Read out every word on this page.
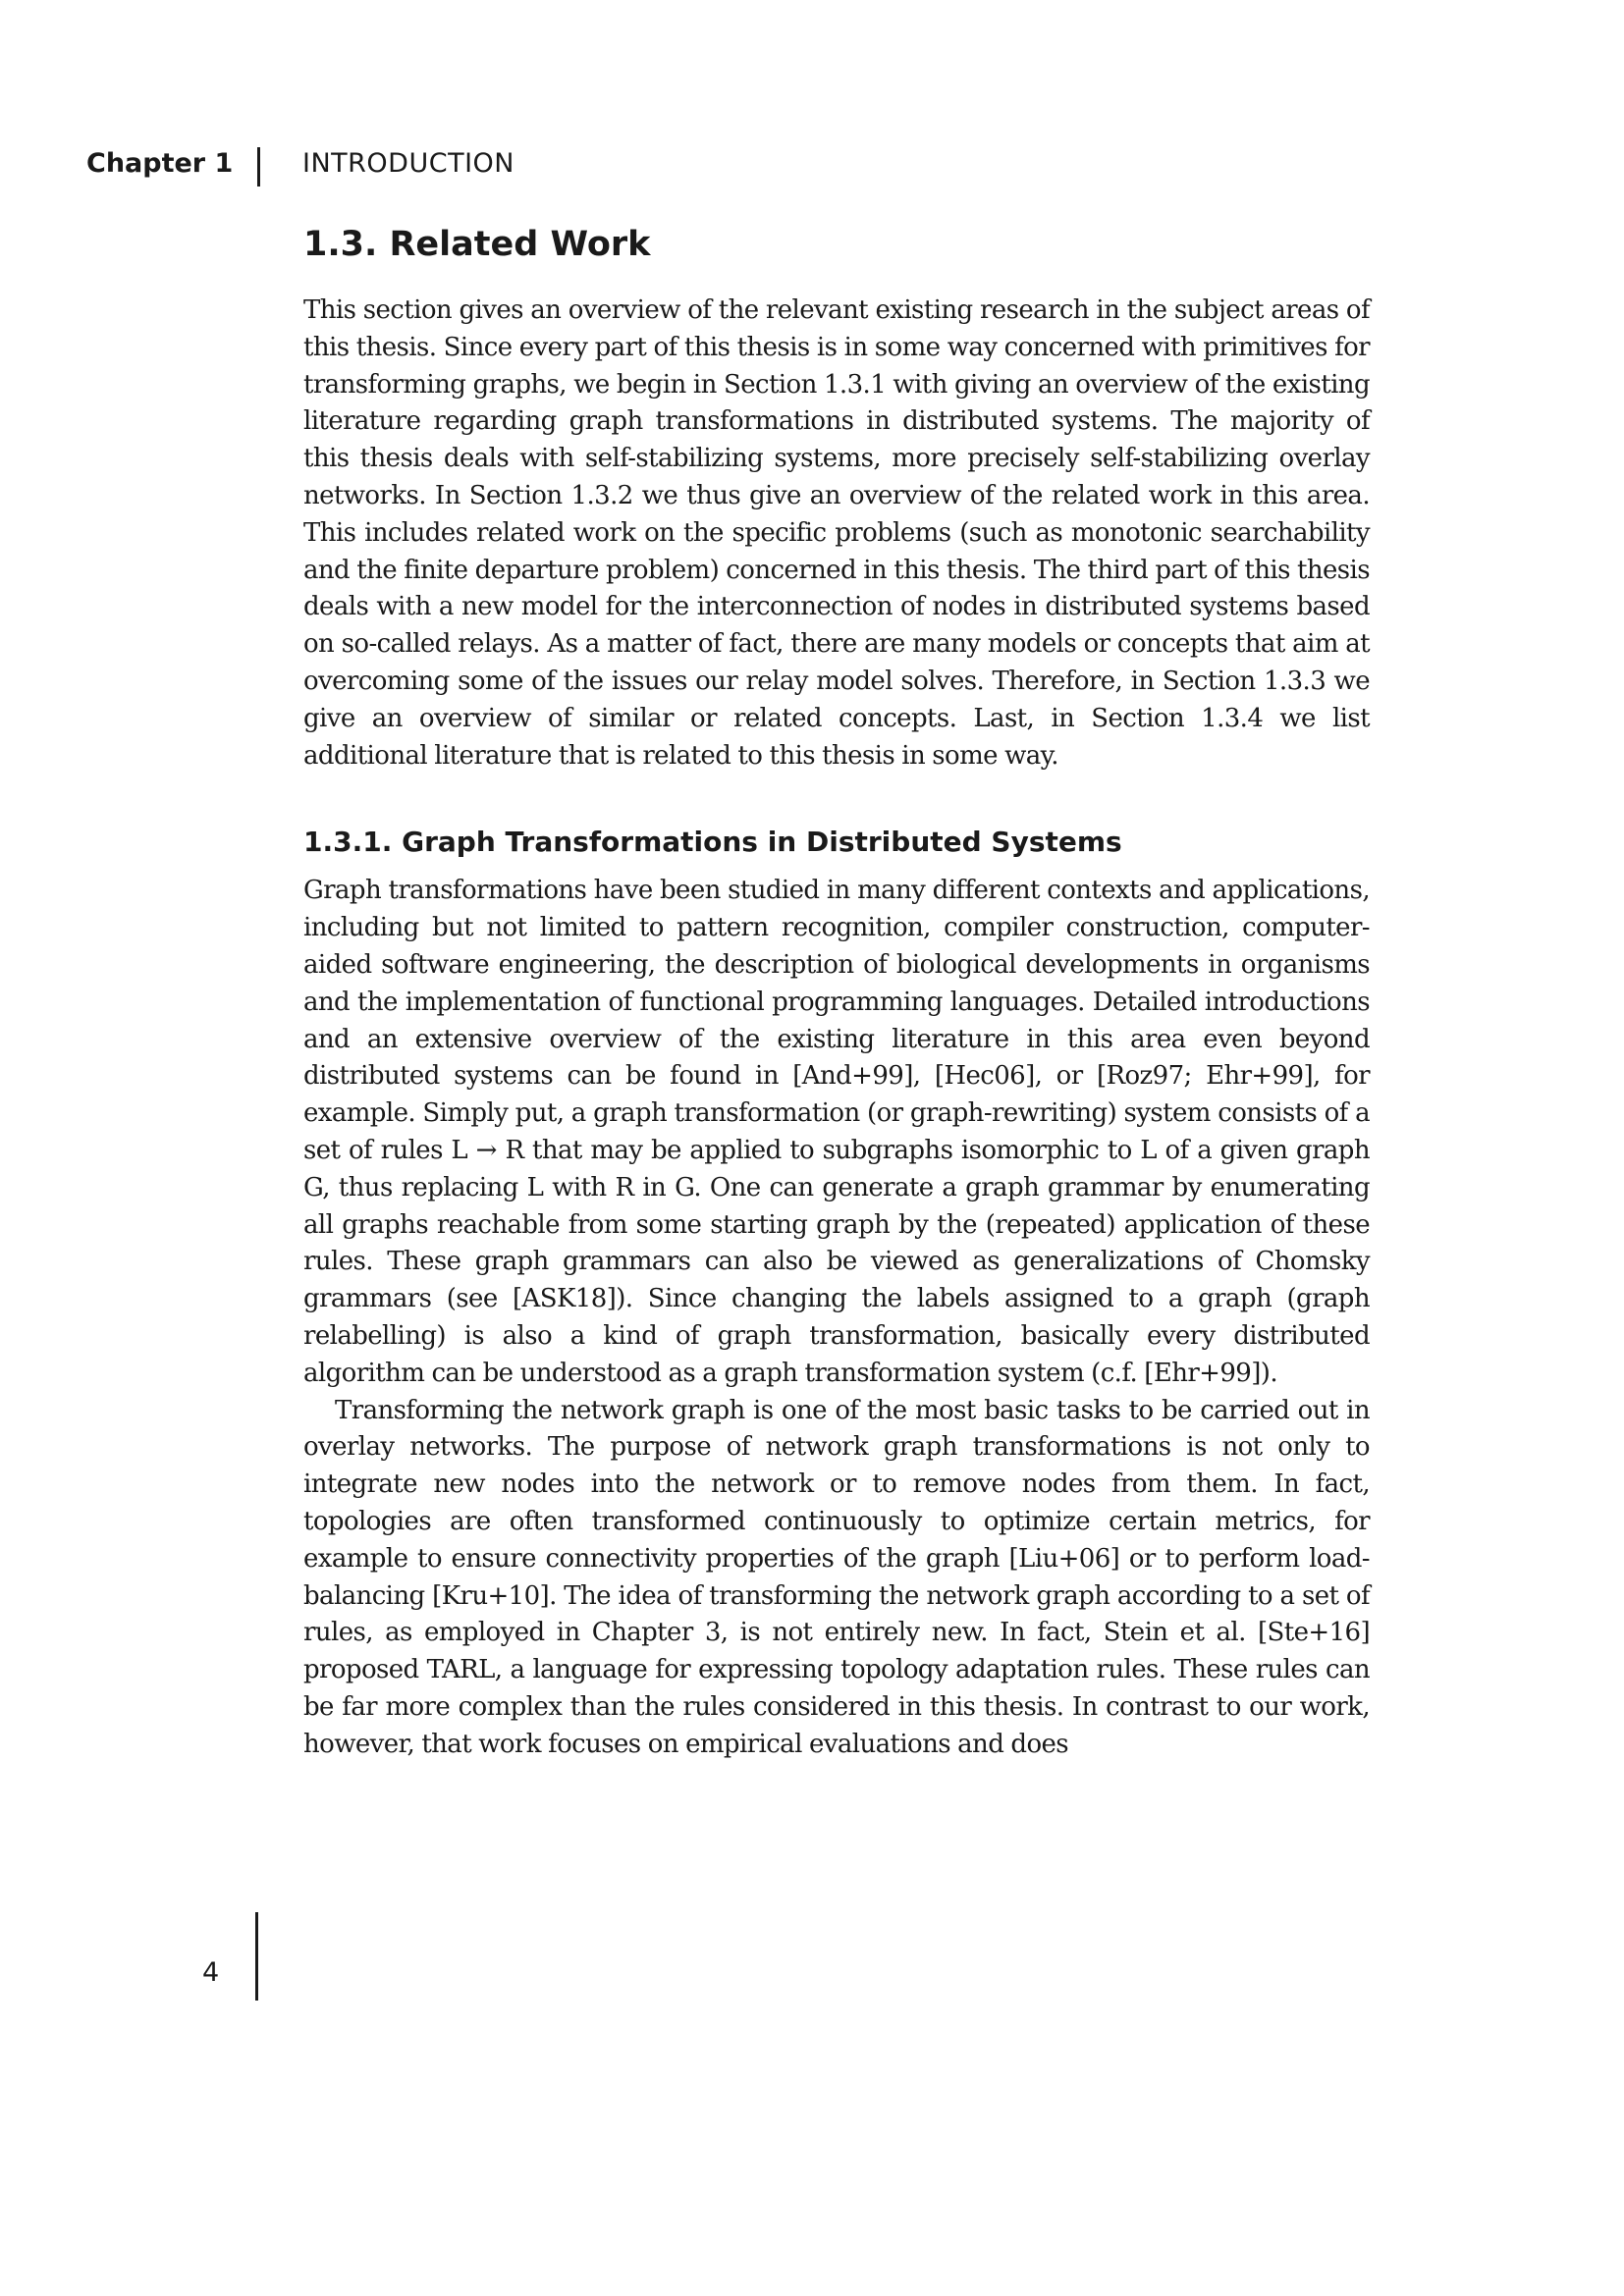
Chapter 1	INTRODUCTION
1.3. Related Work

This section gives an overview of the relevant existing research in the subject areas of this thesis. Since every part of this thesis is in some way concerned with primitives for transforming graphs, we begin in Section 1.3.1 with giving an overview of the existing literature regarding graph transformations in distributed systems. The majority of this thesis deals with self-stabilizing systems, more precisely self-stabilizing overlay networks. In Section 1.3.2 we thus give an overview of the related work in this area. This includes related work on the specific problems (such as monotonic searchability and the finite departure problem) concerned in this thesis. The third part of this thesis deals with a new model for the interconnection of nodes in distributed systems based on so-called relays. As a matter of fact, there are many models or concepts that aim at overcoming some of the issues our relay model solves. Therefore, in Section 1.3.3 we give an overview of similar or related concepts. Last, in Section 1.3.4 we list additional literature that is related to this thesis in some way.

1.3.1. Graph Transformations in Distributed Systems

Graph transformations have been studied in many different contexts and applications, including but not limited to pattern recognition, compiler construction, computer-aided software engineering, the description of biological developments in organisms and the implementation of functional programming languages. Detailed introductions and an extensive overview of the existing literature in this area even beyond distributed systems can be found in [And+99], [Hec06], or [Roz97; Ehr+99], for example. Simply put, a graph transformation (or graph-rewriting) system consists of a set of rules L → R that may be applied to subgraphs isomorphic to L of a given graph G, thus replacing L with R in G. One can generate a graph grammar by enumerating all graphs reachable from some starting graph by the (repeated) application of these rules. These graph grammars can also be viewed as generalizations of Chomsky grammars (see [ASK18]). Since changing the labels assigned to a graph (graph relabelling) is also a kind of graph transformation, basically every distributed algorithm can be understood as a graph transformation system (c.f. [Ehr+99]).

Transforming the network graph is one of the most basic tasks to be carried out in overlay networks. The purpose of network graph transformations is not only to integrate new nodes into the network or to remove nodes from them. In fact, topologies are often transformed continuously to optimize certain metrics, for example to ensure connectivity properties of the graph [Liu+06] or to perform load-balancing [Kru+10]. The idea of transforming the network graph according to a set of rules, as employed in Chapter 3, is not entirely new. In fact, Stein et al. [Ste+16] proposed TARL, a language for expressing topology adaptation rules. These rules can be far more complex than the rules considered in this thesis. In contrast to our work, however, that work focuses on empirical evaluations and does

4
